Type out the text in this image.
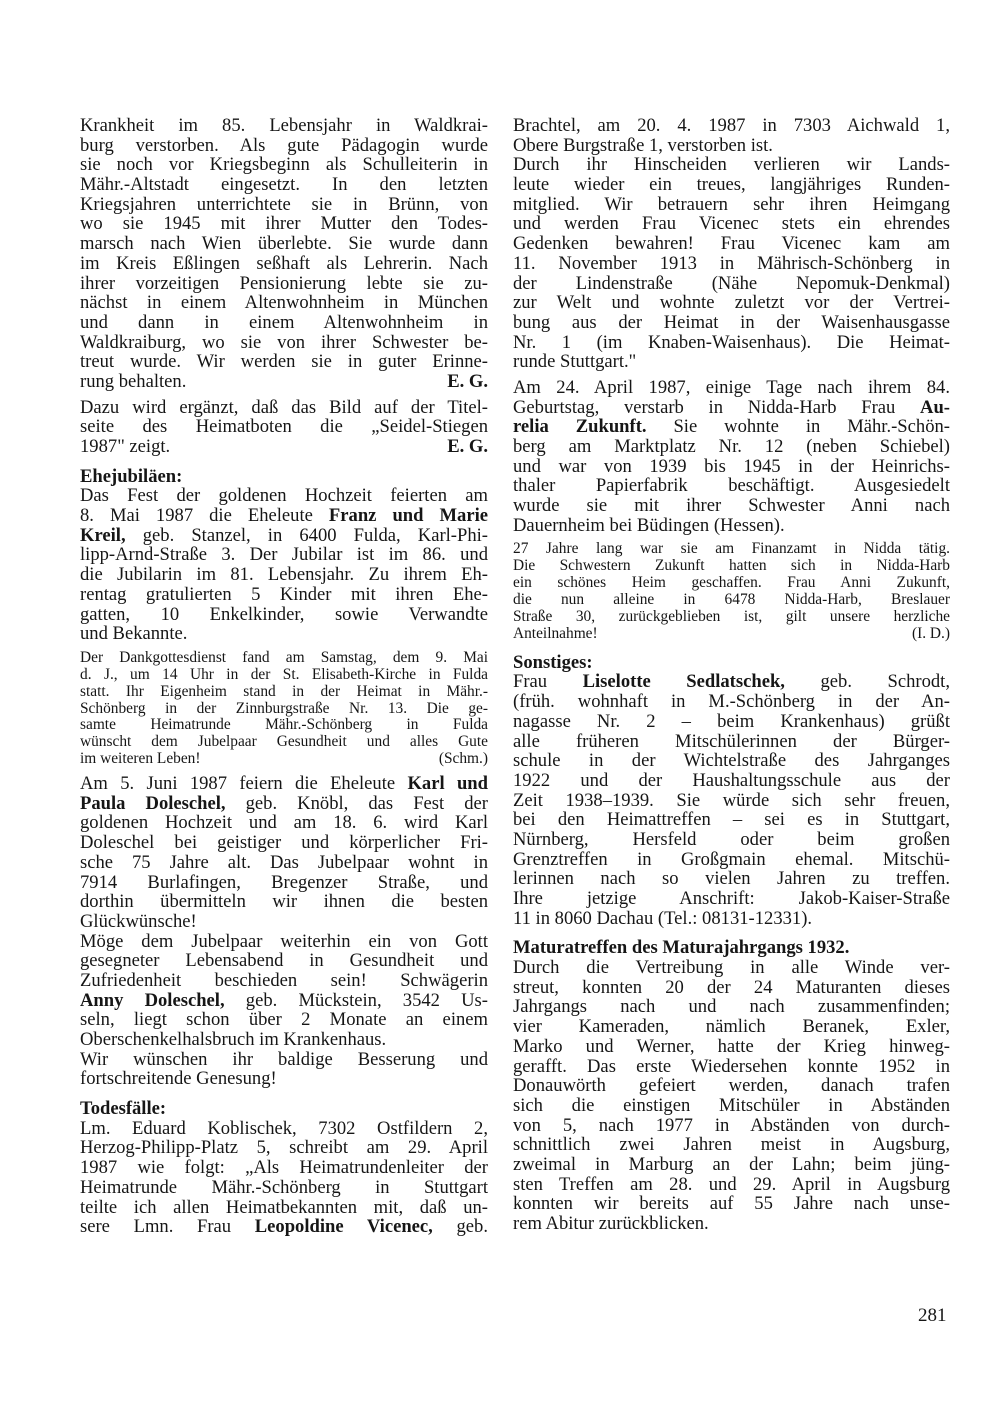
Krankheit im 85. Lebensjahr in Waldkrai-
burg verstorben. Als gute Pädagogin wurde
sie noch vor Kriegsbeginn als Schulleiterin in
Mähr.-Altstadt eingesetzt. In den letzten
Kriegsjahren unterrichtete sie in Brünn, von
wo sie 1945 mit ihrer Mutter den Todes-
marsch nach Wien überlebte. Sie wurde dann
im Kreis Eßlingen seßhaft als Lehrerin. Nach
ihrer vorzeitigen Pensionierung lebte sie zu-
nächst in einem Altenwohnheim in München
und dann in einem Altenwohnheim in
Waldkraiburg, wo sie von ihrer Schwester be-
treut wurde. Wir werden sie in guter Erinne-
rung behalten.	E. G.
Dazu wird ergänzt, daß das Bild auf der Titel-
seite des Heimatboten die „Seidel-Stiegen
1987" zeigt.	E. G.
Ehejubiläen:
Das Fest der goldenen Hochzeit feierten am
8. Mai 1987 die Eheleute Franz und Marie
Kreil, geb. Stanzel, in 6400 Fulda, Karl-Phi-
lipp-Arnd-Straße 3. Der Jubilar ist im 86. und
die Jubilarin im 81. Lebensjahr. Zu ihrem Eh-
rentag gratulierten 5 Kinder mit ihren Ehe-
gatten, 10 Enkelkinder, sowie Verwandte
und Bekannte.
Der Dankgottesdienst fand am Samstag, dem 9. Mai
d. J., um 14 Uhr in der St. Elisabeth-Kirche in Fulda
statt. Ihr Eigenheim stand in der Heimat in Mähr.-
Schönberg in der Zinnburgstraße Nr. 13. Die ge-
samte Heimatrunde Mähr.-Schönberg in Fulda
wünscht dem Jubelpaar Gesundheit und alles Gute
im weiteren Leben!	(Schm.)
Am 5. Juni 1987 feiern die Eheleute Karl und
Paula Doleschel, geb. Knöbl, das Fest der
goldenen Hochzeit und am 18. 6. wird Karl
Doleschel bei geistiger und körperlicher Fri-
sche 75 Jahre alt. Das Jubelpaar wohnt in
7914 Burlafingen, Bregenzer Straße, und
dorthin übermitteln wir ihnen die besten
Glückwünsche!
Möge dem Jubelpaar weiterhin ein von Gott
gesegneter Lebensabend in Gesundheit und
Zufriedenheit beschieden sein! Schwägerin
Anny Doleschel, geb. Mückstein, 3542 Us-
seln, liegt schon über 2 Monate an einem
Oberschenkelhalsbruch im Krankenhaus.
Wir wünschen ihr baldige Besserung und
fortschreitende Genesung!
Todesfälle:
Lm. Eduard Koblischek, 7302 Ostfildern 2,
Herzog-Philipp-Platz 5, schreibt am 29. April
1987 wie folgt: „Als Heimatrundenleiter der
Heimatrunde Mähr.-Schönberg in Stuttgart
teilte ich allen Heimatbekannten mit, daß un-
sere Lmn. Frau Leopoldine Vicenec, geb.
Brachtel, am 20. 4. 1987 in 7303 Aichwald 1,
Obere Burgstraße 1, verstorben ist.
Durch ihr Hinscheiden verlieren wir Lands-
leute wieder ein treues, langjähriges Runden-
mitglied. Wir betrauern sehr ihren Heimgang
und werden Frau Vicenec stets ein ehrendes
Gedenken bewahren! Frau Vicenec kam am
11. November 1913 in Mährisch-Schönberg in
der Lindenstraße (Nähe Nepomuk-Denkmal)
zur Welt und wohnte zuletzt vor der Vertrei-
bung aus der Heimat in der Waisenhausgasse
Nr. 1 (im Knaben-Waisenhaus). Die Heimat-
runde Stuttgart."
Am 24. April 1987, einige Tage nach ihrem 84.
Geburtstag, verstarb in Nidda-Harb Frau Au-
relia Zukunft. Sie wohnte in Mähr.-Schön-
berg am Marktplatz Nr. 12 (neben Schiebel)
und war von 1939 bis 1945 in der Heinrichs-
thaler Papierfabrik beschäftigt. Ausgesiedelt
wurde sie mit ihrer Schwester Anni nach
Dauernheim bei Büdingen (Hessen).
27 Jahre lang war sie am Finanzamt in Nidda tätig.
Die Schwestern Zukunft hatten sich in Nidda-Harb
ein schönes Heim geschaffen. Frau Anni Zukunft,
die nun alleine in 6478 Nidda-Harb, Breslauer
Straße 30, zurückgeblieben ist, gilt unsere herzliche
Anteilnahme!	(I. D.)
Sonstiges:
Frau Liselotte Sedlatschek, geb. Schrodt,
(früh. wohnhaft in M.-Schönberg in der An-
nagasse Nr. 2 – beim Krankenhaus) grüßt
alle früheren Mitschülerinnen der Bürger-
schule in der Wichtelstraße des Jahrganges
1922 und der Haushaltungsschule aus der
Zeit 1938–1939. Sie würde sich sehr freuen,
bei den Heimattreffen – sei es in Stuttgart,
Nürnberg, Hersfeld oder beim großen
Grenztreffen in Großgmain ehemal. Mitschü-
lerinnen nach so vielen Jahren zu treffen.
Ihre jetzige Anschrift: Jakob-Kaiser-Straße
11 in 8060 Dachau (Tel.: 08131-12331).
Maturatreffen des Maturajahrgangs 1932.
Durch die Vertreibung in alle Winde ver-
streut, konnten 20 der 24 Maturanten dieses
Jahrgangs nach und nach zusammenfinden;
vier Kameraden, nämlich Beranek, Exler,
Marko und Werner, hatte der Krieg hinweg-
gerafft. Das erste Wiedersehen konnte 1952 in
Donauwörth gefeiert werden, danach trafen
sich die einstigen Mitschüler in Abständen
von 5, nach 1977 in Abständen von durch-
schnittlich zwei Jahren meist in Augsburg,
zweimal in Marburg an der Lahn; beim jüng-
sten Treffen am 28. und 29. April in Augsburg
konnten wir bereits auf 55 Jahre nach unse-
rem Abitur zurückblicken.
281
